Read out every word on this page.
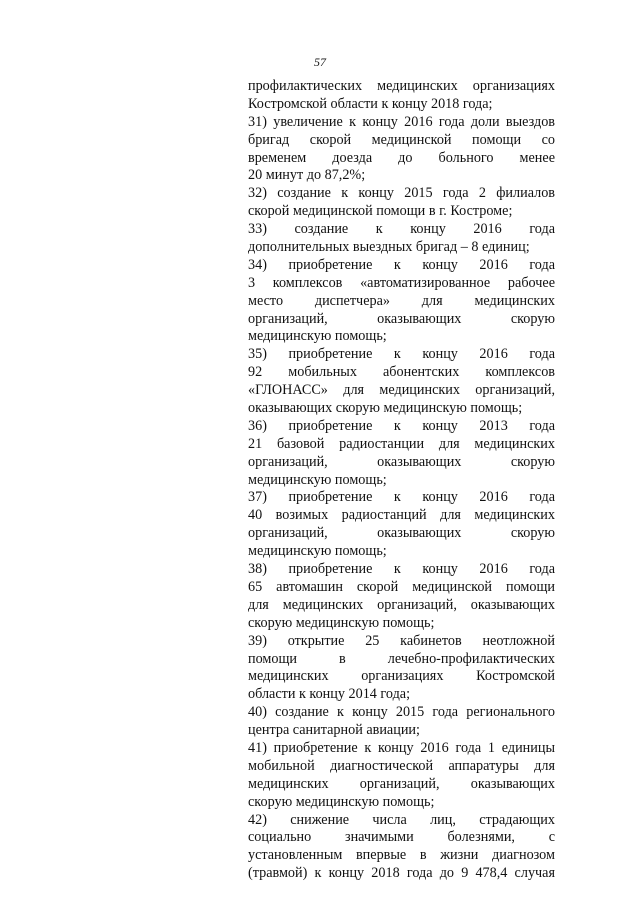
57
профилактических медицинских организациях
Костромской области к концу 2018 года;
31) увеличение к концу 2016 года доли выездов
бригад скорой медицинской помощи со
временем доезда до больного менее
20 минут до 87,2%;
32) создание к концу 2015 года 2 филиалов
скорой медицинской помощи в г. Костроме;
33) создание к концу 2016 года
дополнительных выездных бригад – 8 единиц;
34) приобретение к концу 2016 года
3 комплексов «автоматизированное рабочее
место диспетчера» для медицинских
организаций, оказывающих скорую
медицинскую помощь;
35) приобретение к концу 2016 года
92 мобильных абонентских комплексов
«ГЛОНАСС» для медицинских организаций,
оказывающих скорую медицинскую помощь;
36) приобретение к концу 2013 года
21 базовой радиостанции для медицинских
организаций, оказывающих скорую
медицинскую помощь;
37) приобретение к концу 2016 года
40 возимых радиостанций для медицинских
организаций, оказывающих скорую
медицинскую помощь;
38) приобретение к концу 2016 года
65 автомашин скорой медицинской помощи
для медицинских организаций, оказывающих
скорую медицинскую помощь;
39) открытие 25 кабинетов неотложной
помощи в лечебно-профилактических
медицинских организациях Костромской
области к концу 2014 года;
40) создание к концу 2015 года регионального
центра санитарной авиации;
41) приобретение к концу 2016 года 1 единицы
мобильной диагностической аппаратуры для
медицинских организаций, оказывающих
скорую медицинскую помощь;
42) снижение числа лиц, страдающих
социально значимыми болезнями, с
установленным впервые в жизни диагнозом
(травмой) к концу 2018 года до 9 478,4 случая
